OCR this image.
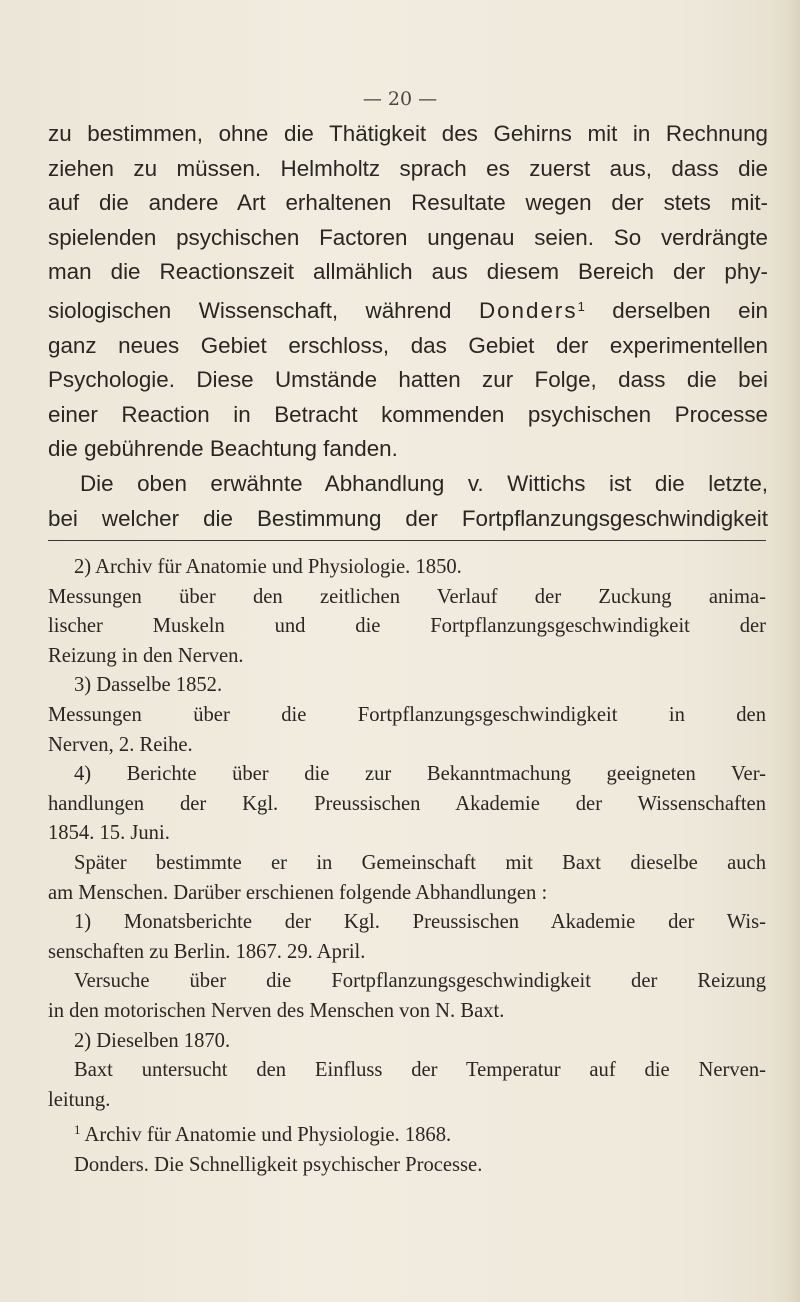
— 20 —

zu bestimmen, ohne die Thätigkeit des Gehirns mit in Rechnung

ziehen zu müssen. Helmholtz sprach es zuerst aus, dass die

auf die andere Art erhaltenen Resultate wegen der stets mit-

spielenden psychischen Factoren ungenau seien. So verdrängte

man die Reactionszeit allmählich aus diesem Bereich der phy-

siologischen Wissenschaft, während Donders$^1$ derselben ein

ganz neues Gebiet erschloss, das Gebiet der experimentellen

Psychologie. Diese Umstände hatten zur Folge, dass die bei

einer Reaction in Betracht kommenden psychischen Processe

die gebührende Beachtung fanden.

Die oben erwähnte Abhandlung v. Wittichs ist die letzte,

bei welcher die Bestimmung der Fortpflanzungsgeschwindigkeit

2) Archiv für Anatomie und Physiologie. 1850.

Messungen über den zeitlichen Verlauf der Zuckung anima-

lischer Muskeln und die Fortpflanzungsgeschwindigkeit der

Reizung in den Nerven.

3) Dasselbe 1852.

Messungen über die Fortpflanzungsgeschwindigkeit in den

Nerven, 2. Reihe.

4) Berichte über die zur Bekanntmachung geeigneten Ver-

handlungen der Kgl. Preussischen Akademie der Wissenschaften

1854. 15. Juni.

Später bestimmte er in Gemeinschaft mit Baxt dieselbe auch

am Menschen. Darüber erschienen folgende Abhandlungen :

1) Monatsberichte der Kgl. Preussischen Akademie der Wis-

senschaften zu Berlin. 1867. 29. April.

Versuche über die Fortpflanzungsgeschwindigkeit der Reizung

in den motorischen Nerven des Menschen von N. Baxt.

2) Dieselben 1870.

Baxt untersucht den Einfluss der Temperatur auf die Nerven-

leitung.

$^1$ Archiv für Anatomie und Physiologie. 1868.

Donders. Die Schnelligkeit psychischer Processe.
